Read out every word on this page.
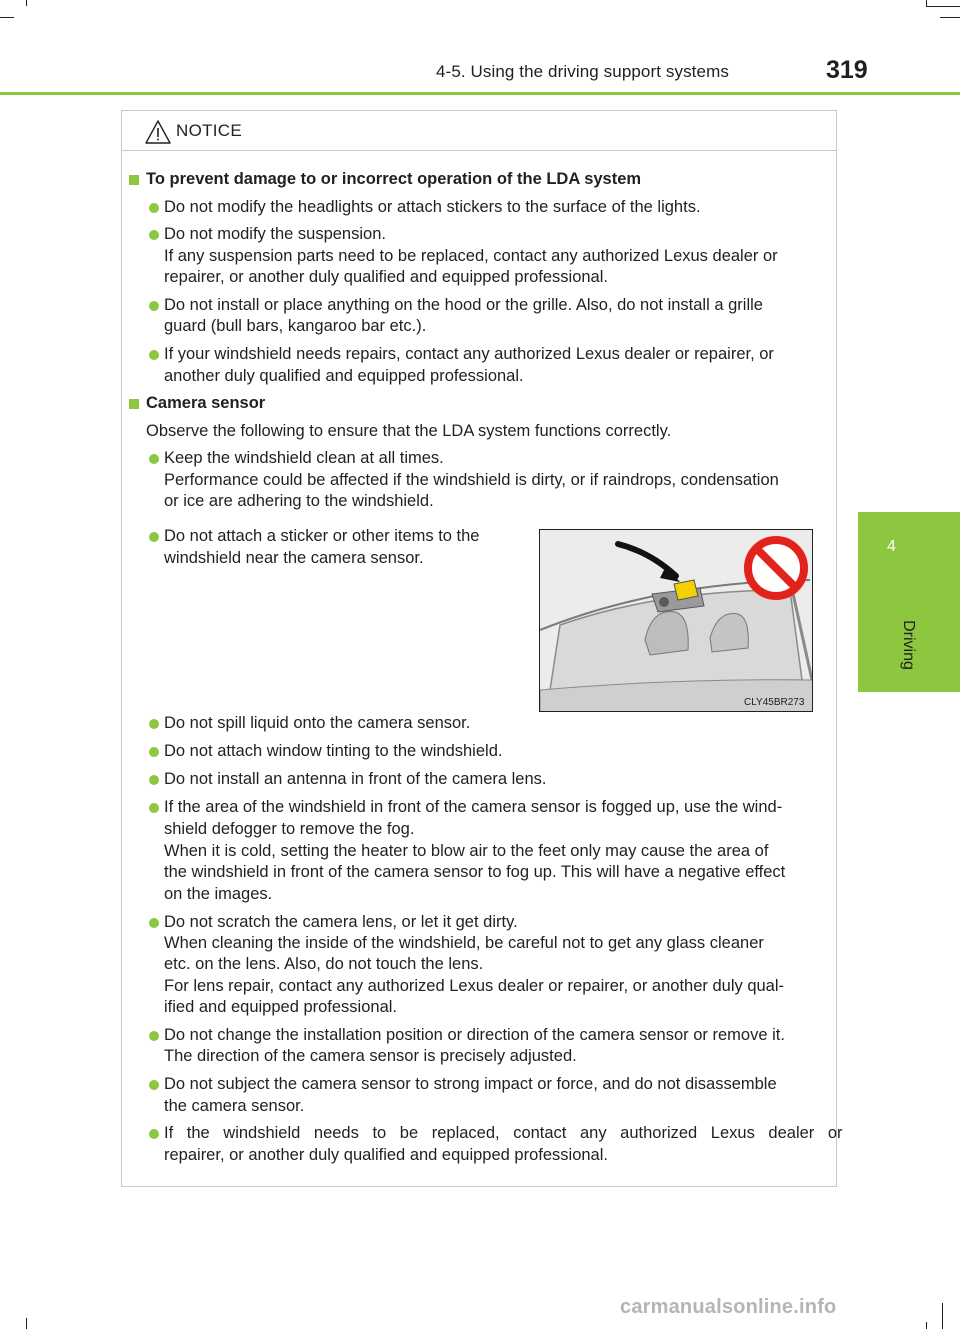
4-5. Using the driving support systems	319
4
Driving
NOTICE
To prevent damage to or incorrect operation of the LDA system
Do not modify the headlights or attach stickers to the surface of the lights.
Do not modify the suspension.
If any suspension parts need to be replaced, contact any authorized Lexus dealer or
repairer, or another duly qualified and equipped professional.
Do not install or place anything on the hood or the grille. Also, do not install a grille
guard (bull bars, kangaroo bar etc.).
If your windshield needs repairs, contact any authorized Lexus dealer or repairer, or
another duly qualified and equipped professional.
Camera sensor
Observe the following to ensure that the LDA system functions correctly.
Keep the windshield clean at all times.
Performance could be affected if the windshield is dirty, or if raindrops, condensation
or ice are adhering to the windshield.
Do not attach a sticker or other items to the
windshield near the camera sensor.
CLY45BR273
Do not spill liquid onto the camera sensor.
Do not attach window tinting to the windshield.
Do not install an antenna in front of the camera lens.
If the area of the windshield in front of the camera sensor is fogged up, use the wind-
shield defogger to remove the fog.
When it is cold, setting the heater to blow air to the feet only may cause the area of
the windshield in front of the camera sensor to fog up. This will have a negative effect
on the images.
Do not scratch the camera lens, or let it get dirty.
When cleaning the inside of the windshield, be careful not to get any glass cleaner
etc. on the lens. Also, do not touch the lens.
For lens repair, contact any authorized Lexus dealer or repairer, or another duly qual-
ified and equipped professional.
Do not change the installation position or direction of the camera sensor or remove it.
The direction of the camera sensor is precisely adjusted.
Do not subject the camera sensor to strong impact or force, and do not disassemble
the camera sensor.
If the windshield needs to be replaced, contact any authorized Lexus dealer or
repairer, or another duly qualified and equipped professional.
carmanualsonline.info
